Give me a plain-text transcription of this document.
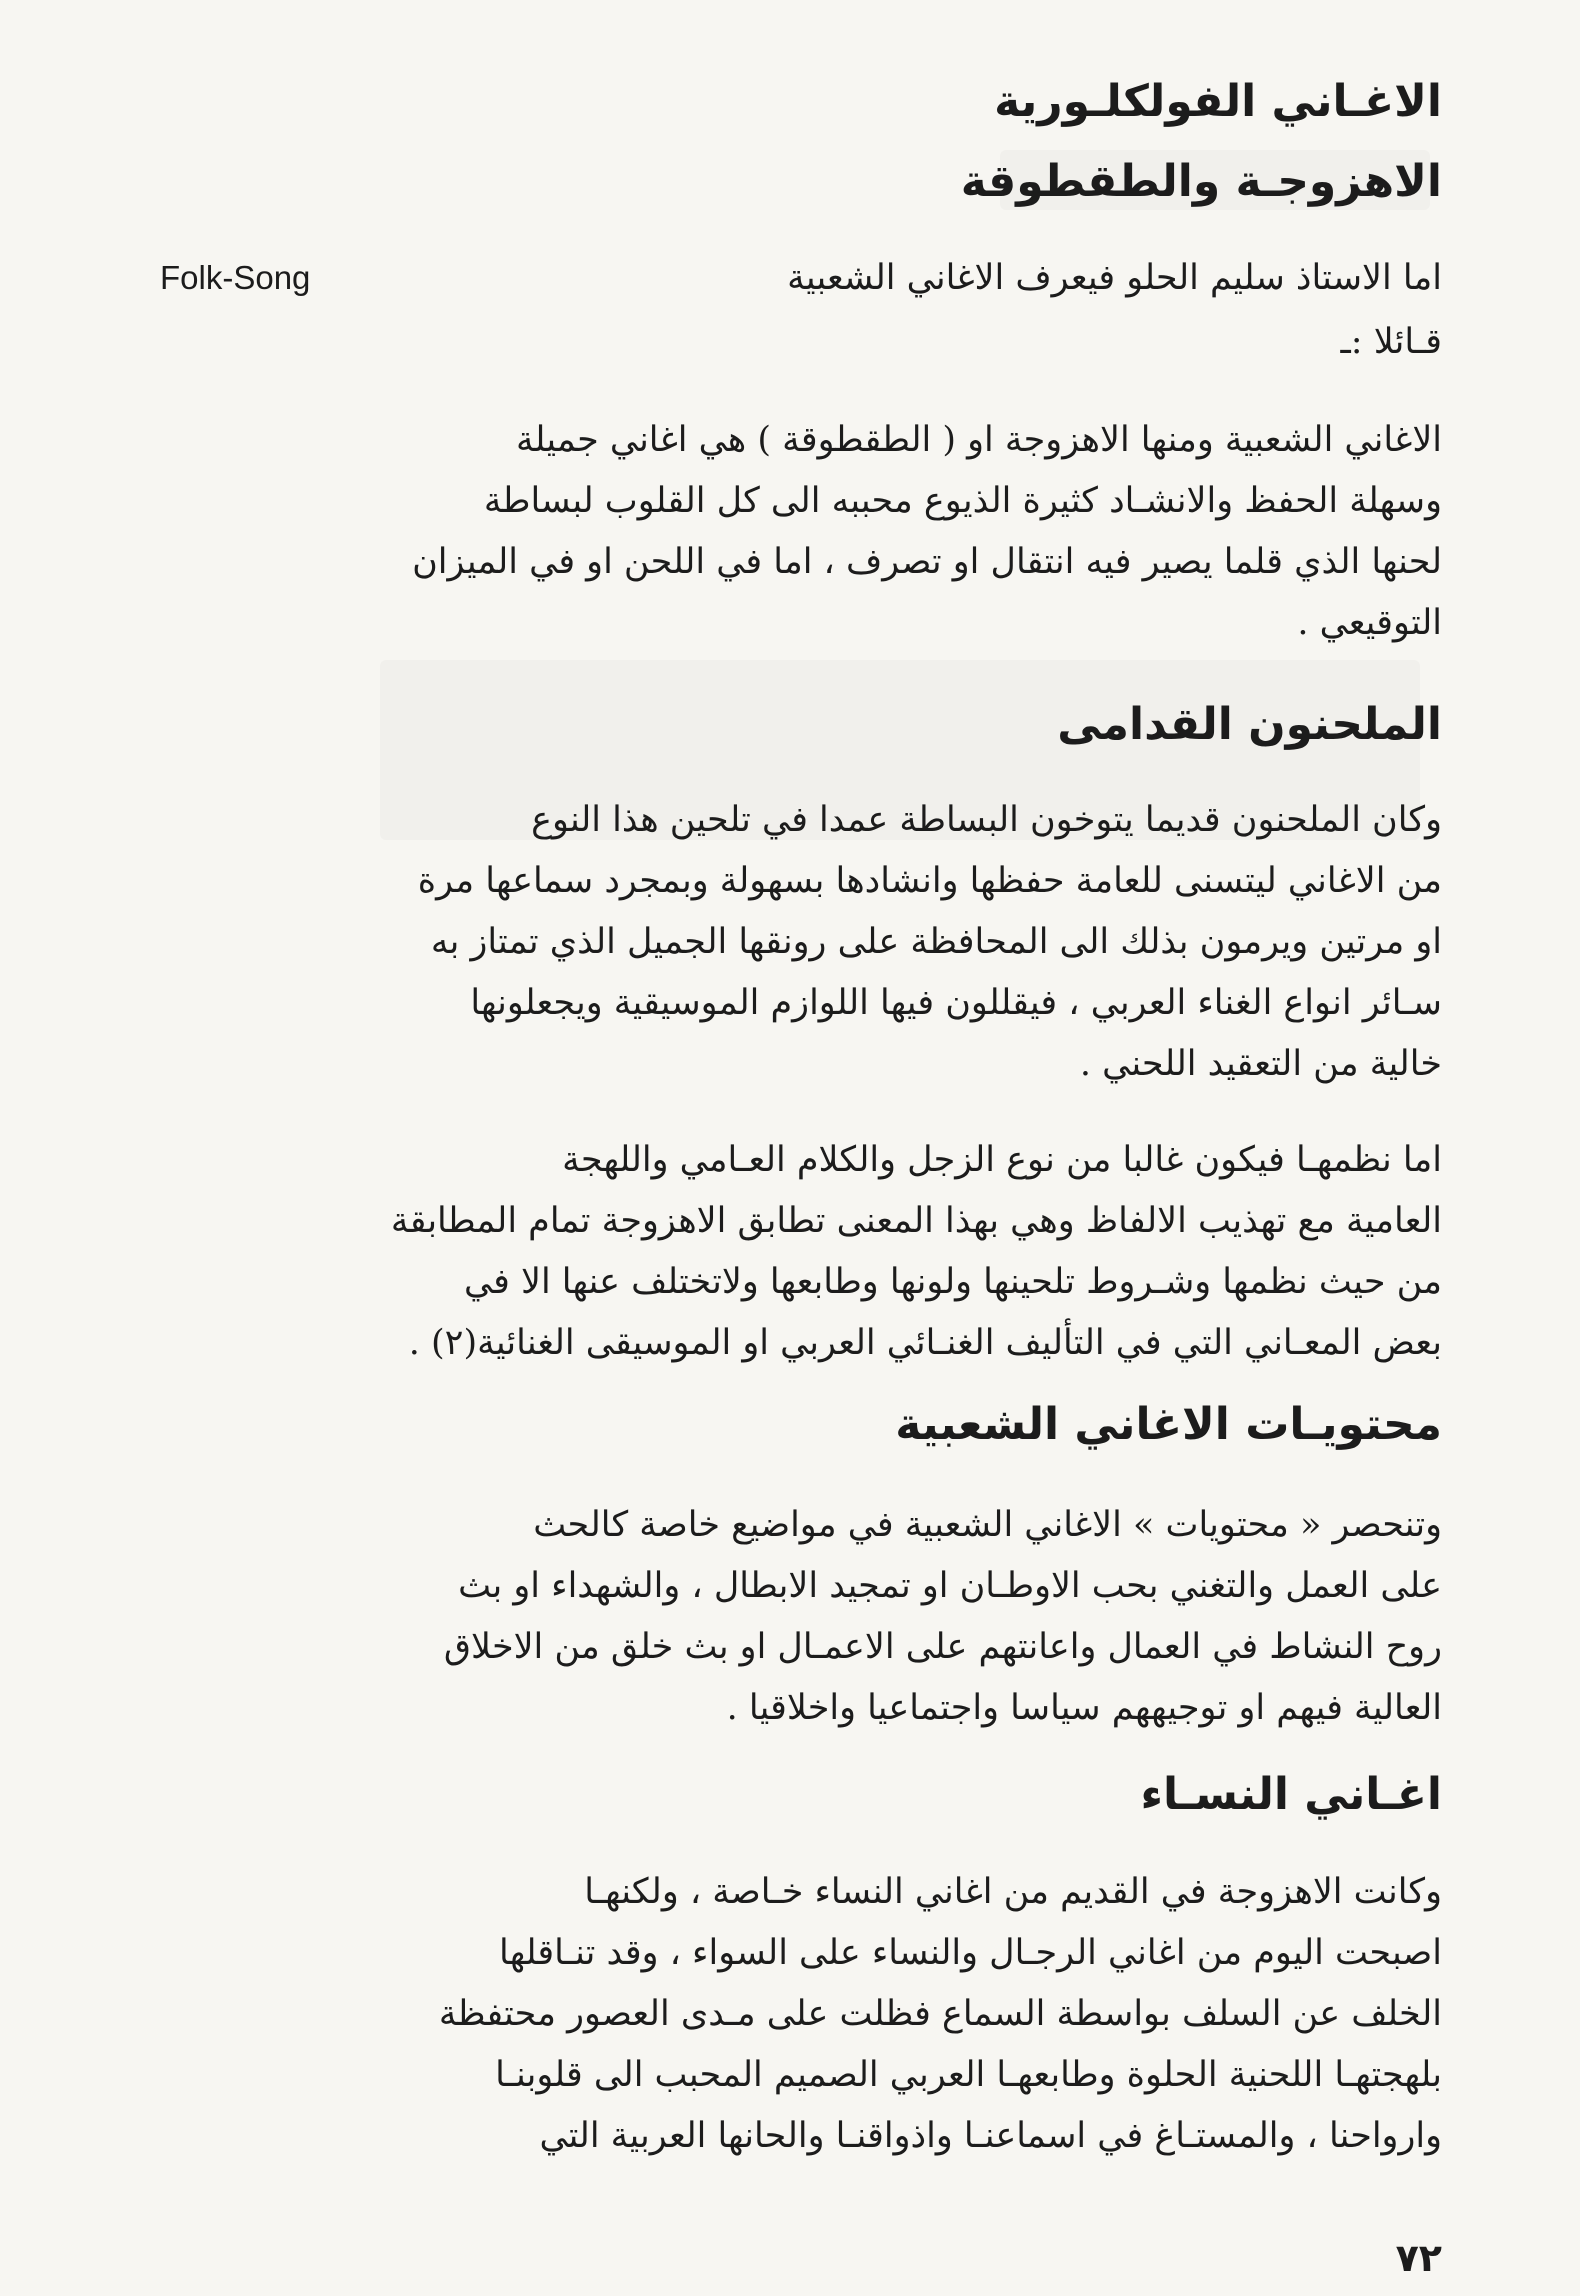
الاغـاني الفولكلـورية
الاهزوجـة والطقطوقة
اما الاستاذ سليم الحلو فيعرف الاغاني الشعبية
Folk-Song
قـائلا :ـ
الاغاني الشعبية ومنها الاهزوجة او ( الطقطوقة ) هي اغاني جميلة
وسهلة الحفظ والانشـاد كثيرة الذيوع محببه الى كل القلوب لبساطة
لحنها الذي قلما يصير فيه انتقال او تصرف ، اما في اللحن او في الميزان
التوقيعي .
الملحنون القدامى
وكان الملحنون قديما يتوخون البساطة عمدا في تلحين هذا النوع
من الاغاني ليتسنى للعامة حفظها وانشادها بسهولة وبمجرد سماعها مرة
او مرتين ويرمون بذلك الى المحافظة على رونقها الجميل الذي تمتاز به
سـائر انواع الغناء العربي ، فيقللون فيها اللوازم الموسيقية ويجعلونها
خالية من التعقيد اللحني .
اما نظمهـا فيكون غالبا من نوع الزجل والكلام العـامي واللهجة
العامية مع تهذيب الالفاظ وهي بهذا المعنى تطابق الاهزوجة تمام المطابقة
من حيث نظمها وشـروط تلحينها ولونها وطابعها ولاتختلف عنها الا في
بعض المعـاني التي في التأليف الغنـائي العربي او الموسيقى الغنائية(٢) .
محتويـات الاغاني الشعبية
وتنحصر « محتويات » الاغاني الشعبية في مواضيع خاصة كالحث
على العمل والتغني بحب الاوطـان او تمجيد الابطال ، والشهداء او بث
روح النشاط في العمال واعانتهم على الاعمـال او بث خلق من الاخلاق
العالية فيهم او توجيههم سياسا واجتماعيا واخلاقيا .
اغـاني النسـاء
وكانت الاهزوجة في القديم من اغاني النساء خـاصة ، ولكنهـا
اصبحت اليوم من اغاني الرجـال والنساء على السواء ، وقد تنـاقلها
الخلف عن السلف بواسطة السماع فظلت على مـدى العصور محتفظة
بلهجتهـا اللحنية الحلوة وطابعهـا العربي الصميم المحبب الى قلوبنـا
وارواحنا ، والمستـاغ في اسماعنـا واذواقنـا والحانها العربية التي
٧٢
